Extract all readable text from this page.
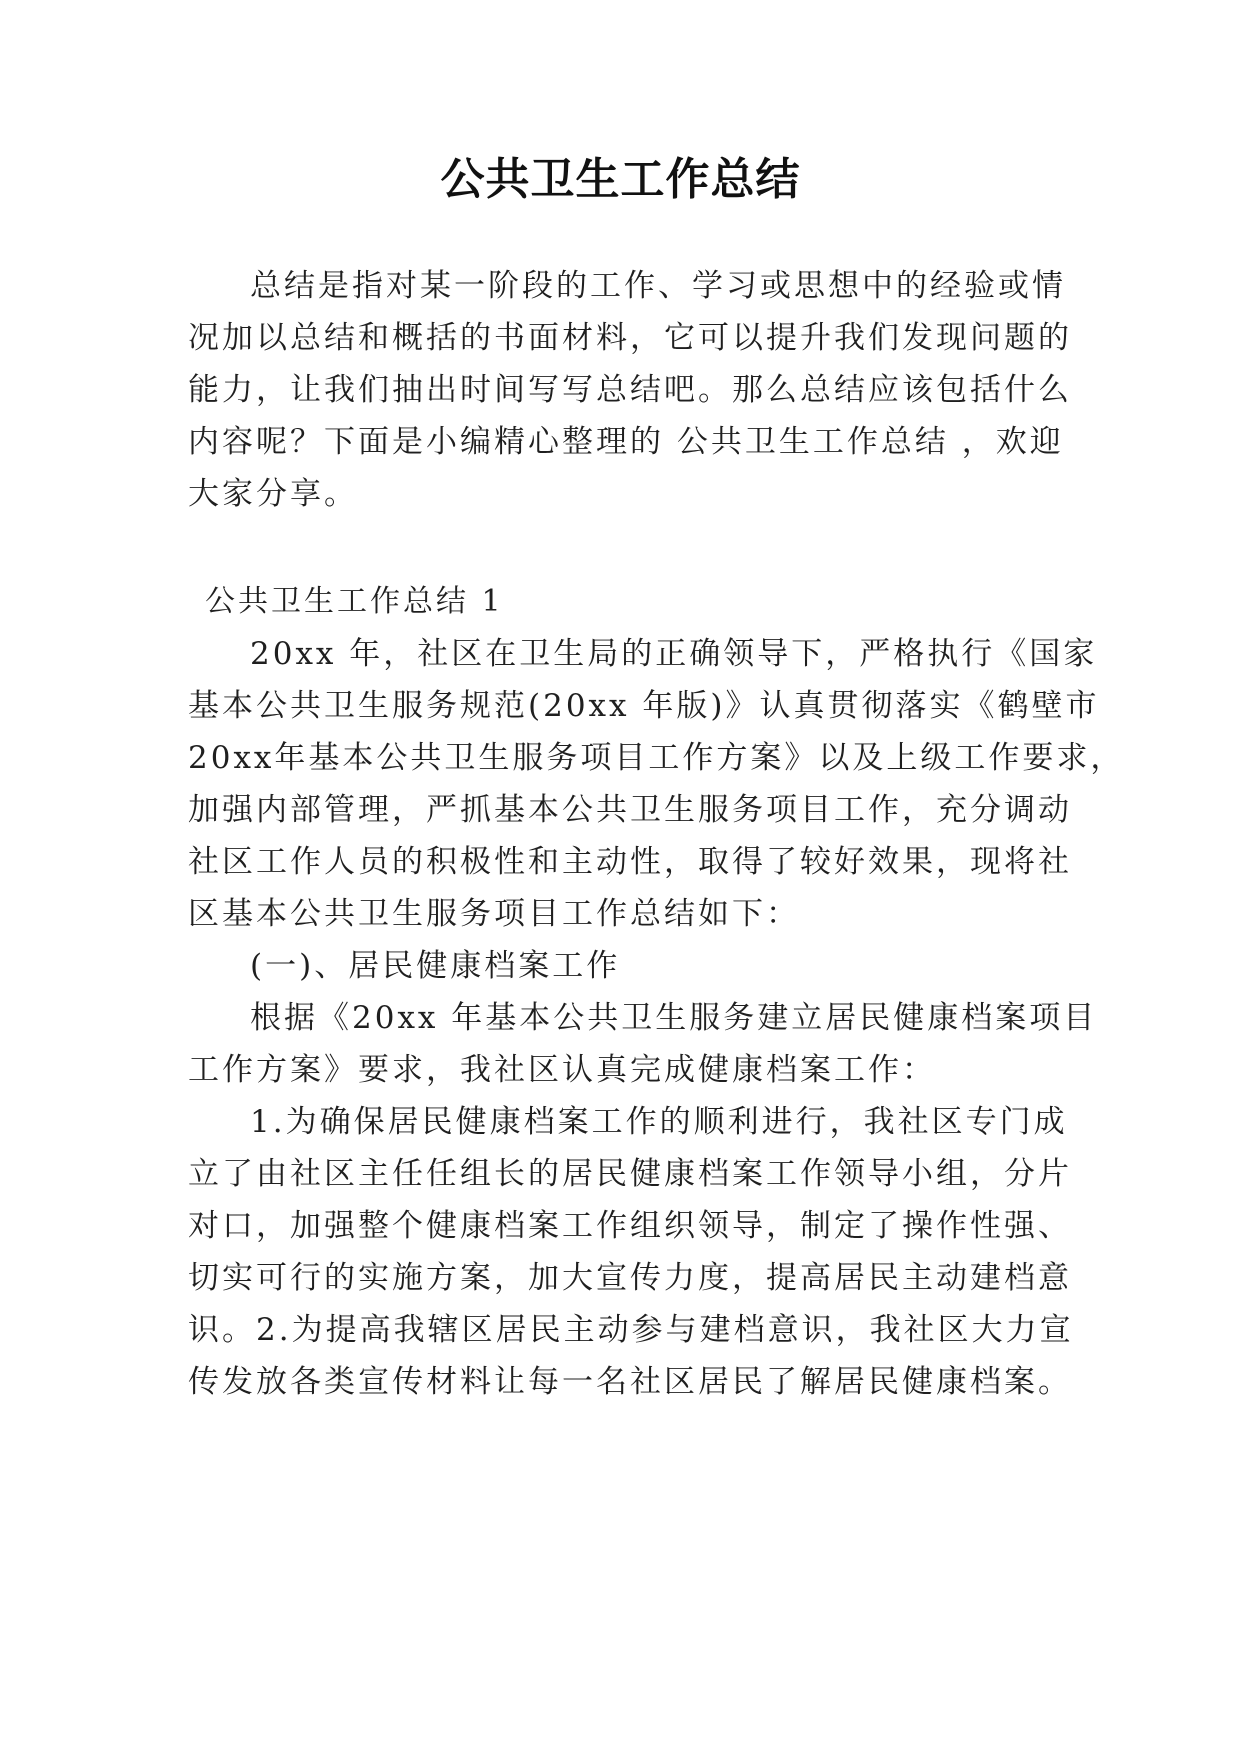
公共卫生工作总结
总结是指对某一阶段的工作、学习或思想中的经验或情
况加以总结和概括的书面材料，它可以提升我们发现问题的
能力，让我们抽出时间写写总结吧。那么总结应该包括什么
内容呢？下面是小编精心整理的 公共卫生工作总结 ，欢迎
大家分享。
公共卫生工作总结 1
20xx 年，社区在卫生局的正确领导下，严格执行《国家
基本公共卫生服务规范(20xx 年版)》认真贯彻落实《鹤壁市
20xx年基本公共卫生服务项目工作方案》以及上级工作要求，
加强内部管理，严抓基本公共卫生服务项目工作，充分调动
社区工作人员的积极性和主动性，取得了较好效果，现将社
区基本公共卫生服务项目工作总结如下：
(一)、居民健康档案工作
根据《20xx 年基本公共卫生服务建立居民健康档案项目
工作方案》要求，我社区认真完成健康档案工作：
1.为确保居民健康档案工作的顺利进行，我社区专门成
立了由社区主任任组长的居民健康档案工作领导小组，分片
对口，加强整个健康档案工作组织领导，制定了操作性强、
切实可行的实施方案，加大宣传力度，提高居民主动建档意
识。2.为提高我辖区居民主动参与建档意识，我社区大力宣
传发放各类宣传材料让每一名社区居民了解居民健康档案。
